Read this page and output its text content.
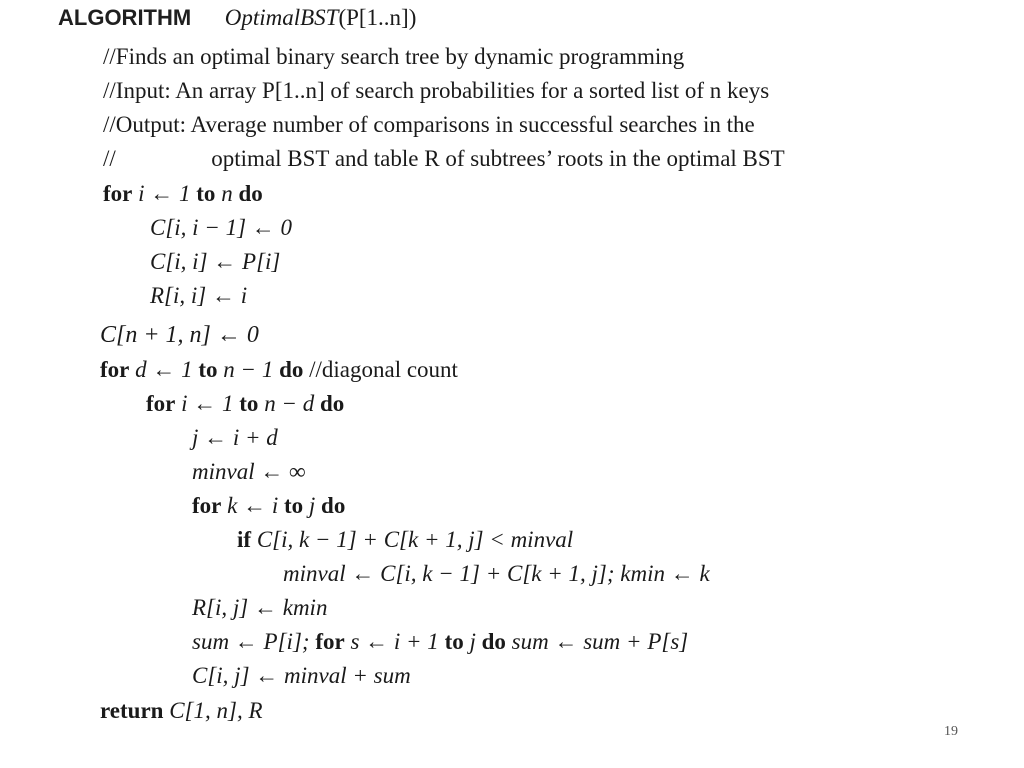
ALGORITHM OptimalBST(P[1..n])
//Finds an optimal binary search tree by dynamic programming
//Input: An array P[1..n] of search probabilities for a sorted list of n keys
//Output: Average number of comparisons in successful searches in the
//	optimal BST and table R of subtrees’ roots in the optimal BST
for i ← 1 to n do
C[i, i − 1] ← 0
C[i, i] ← P[i]
R[i, i] ← i
C[n + 1, n] ← 0
for d ← 1 to n − 1 do //diagonal count
for i ← 1 to n − d do
j ← i + d
minval ← ∞
for k ← i to j do
if C[i, k − 1] + C[k + 1, j] < minval
minval ← C[i, k − 1] + C[k + 1, j]; kmin ← k
R[i, j] ← kmin
sum ← P[i]; for s ← i + 1 to j do sum ← sum + P[s]
C[i, j] ← minval + sum
return C[1, n], R
19
